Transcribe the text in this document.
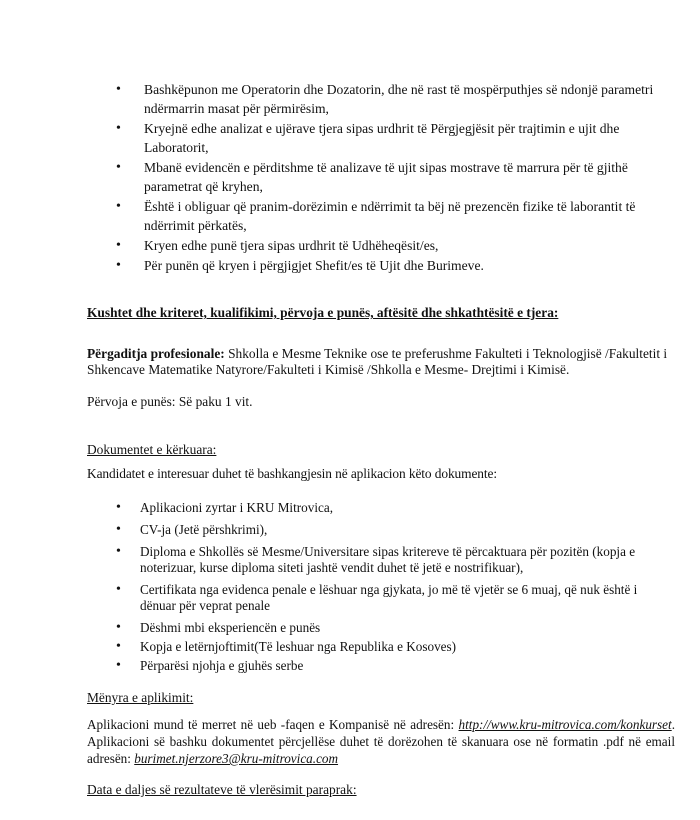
• Bashkëpunon me Operatorin dhe Dozatorin, dhe në rast të mospërputhjes së ndonjë parametri ndërmarrin masat për përmirësim,
• Kryejnë edhe analizat e ujërave tjera sipas urdhrit të Përgjegjësit për trajtimin e ujit dhe Laboratorit,
• Mbanë evidencën e përditshme të analizave të ujit sipas mostrave të marrura për të gjithë parametrat që kryhen,
• Është i obliguar që pranim-dorëzimin e ndërrimit ta bëj në prezencën fizike të laborantit të ndërrimit përkatës,
• Kryen edhe punë tjera sipas urdhrit të Udhëheqësit/es,
• Për punën që kryen i përgjigjet Shefit/es të Ujit dhe Burimeve.
Kushtet dhe kriteret, kualifikimi, përvoja e punës, aftësitë dhe shkathtësitë e tjera:
Përgaditja profesionale: Shkolla e Mesme Teknike ose te preferushme Fakulteti i Teknologjisë /Fakultetit i Shkencave Matematike Natyrore/Fakulteti i Kimisë /Shkolla e Mesme- Drejtimi i Kimisë.
Përvoja e punës: Së paku 1 vit.
Dokumentet e kërkuara:
Kandidatet e interesuar duhet të bashkangjesin në aplikacion këto dokumente:
• Aplikacioni zyrtar i KRU Mitrovica,
• CV-ja (Jetë përshkrimi),
• Diploma e Shkollës së Mesme/Universitare sipas kritereve të përcaktuara për pozitën (kopja e noterizuar, kurse diploma siteti jashtë vendit duhet të jetë e nostrifikuar),
• Certifikata nga evidenca penale e lëshuar nga gjykata, jo më të vjetër se 6 muaj, që nuk është i dënuar për veprat penale
• Dëshmi mbi eksperiencën e punës
• Kopja e letërnjoftimit(Të leshuar nga Republika e Kosoves)
• Përparësi njohja e gjuhës serbe
Mënyra e aplikimit:
Aplikacioni mund të merret në ueb -faqen e Kompanisë në adresën: http://www.kru-mitrovica.com/konkurset. Aplikacioni së bashku dokumentet përcjellëse duhet të dorëzohen të skanuara ose në formatin .pdf në email adresën: burimet.njerzore3@kru-mitrovica.com
Data e daljes së rezultateve të vlerësimit paraprak:
